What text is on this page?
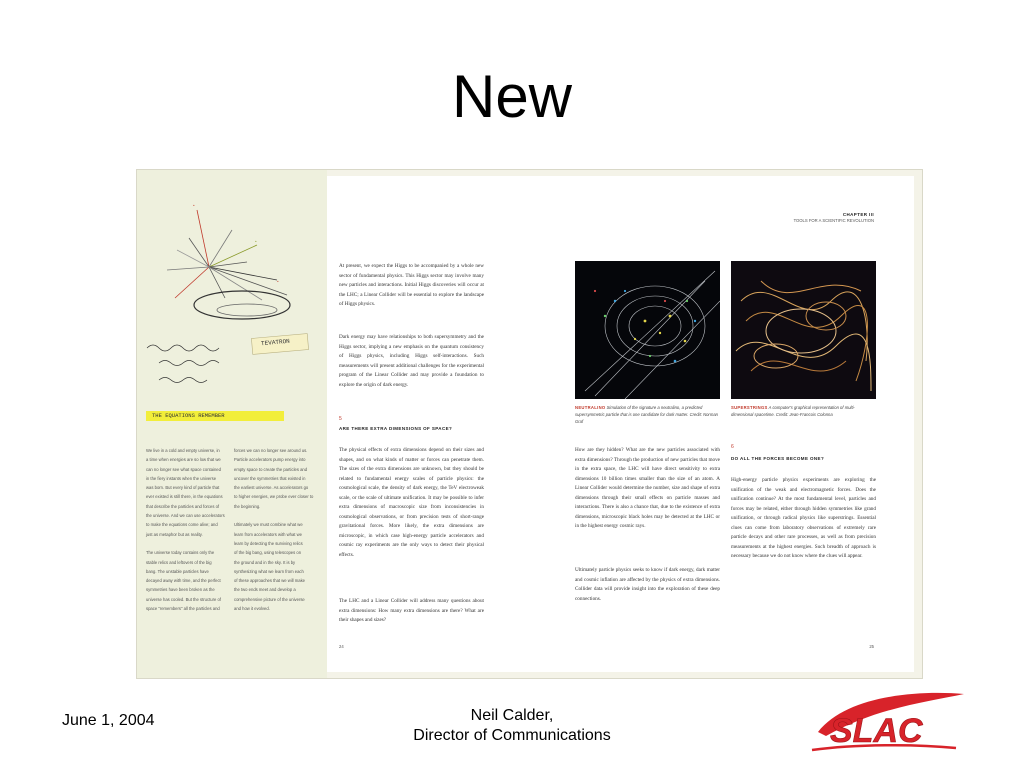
New
●
●
●
TEVATRON
THE EQUATIONS REMEMBER
We live in a cold and empty universe, in
a time when energies are so low that we
can no longer see what space contained
in the fiery instants when the universe
was born. But every kind of particle that
ever existed is still there, in the equations
that describe the particles and forces of
the universe. And we can use accelerators
to make the equations come alive; and
just as metaphor but as reality.

The universe today contains only the
stable relics and leftovers of the big
bang. The unstable particles have
decayed away with time, and the perfect
symmetries have been broken as the
universe has cooled. But the structure of
space "remembers" all the particles and
forces we can no longer see around us.
Particle accelerators pump energy into
empty space to create the particles and
uncover the symmetries that existed in
the earliest universe. As accelerators go
to higher energies, we probe ever closer to
the beginning.

Ultimately we must combine what we
learn from accelerators with what we
learn by detecting the surviving relics
of the big bang, using telescopes on
the ground and in the sky. It is by
synthesizing what we learn from each
of these approaches that we will make
the two ends meet and develop a
comprehensive picture of the universe
and how it evolved.
At present, we expect the Higgs to be accompanied by a whole new sector of fundamental physics. This Higgs sector may involve many new particles and interactions. Initial Higgs discoveries will occur at the LHC; a Linear Collider will be essential to explore the landscape of Higgs physics.
Dark energy may have relationships to both supersymmetry and the Higgs sector, implying a new emphasis on the quantum consistency of Higgs physics, including Higgs self-interactions. Such measurements will present additional challenges for the experimental program of the Linear Collider and may provide a foundation to explore the origin of dark energy.
5
ARE THERE EXTRA DIMENSIONS OF SPACE?
The physical effects of extra dimensions depend on their sizes and shapes, and on what kinds of matter or forces can penetrate them. The sizes of the extra dimensions are unknown, but they should be related to fundamental energy scales of particle physics: the cosmological scale, the density of dark energy, the TeV electroweak scale, or the scale of ultimate unification. It may be possible to infer extra dimensions of macroscopic size from inconsistencies in cosmological observations, or from precision tests of short-range gravitational forces. More likely, the extra dimensions are microscopic, in which case high-energy particle accelerators and cosmic ray experiments are the only ways to detect their physical effects.
The LHC and a Linear Collider will address many questions about extra dimensions: How many extra dimensions are there? What are their shapes and sizes?
24
CHAPTER III
TOOLS FOR A SCIENTIFIC REVOLUTION
NEUTRALINO Simulation of the signature a neutralino, a predicted supersymmetric particle that is one candidate for dark matter. Credit: Norman Graf
SUPERSTRINGS A computer's graphical representation of multi-dimensional spacetime. Credit: Jean-Francois Colonna
How are they hidden? What are the new particles associated with extra dimensions? Through the production of new particles that move in the extra space, the LHC will have direct sensitivity to extra dimensions 10 billion times smaller than the size of an atom. A Linear Collider would determine the number, size and shape of extra dimensions through their small effects on particle masses and interactions. There is also a chance that, due to the existence of extra dimensions, microscopic black holes may be detected at the LHC or in the highest energy cosmic rays.
Ultimately particle physics seeks to know if dark energy, dark matter and cosmic inflation are affected by the physics of extra dimensions. Collider data will provide insight into the exploration of these deep connections.
6
DO ALL THE FORCES BECOME ONE?
High-energy particle physics experiments are exploring the unification of the weak and electromagnetic forces. Does the unification continue? At the most fundamental level, particles and forces may be related, either through hidden symmetries like grand unification, or through radical physics like superstrings. Essential clues can come from laboratory observations of extremely rare particle decays and other rare processes, as well as from precision measurements at the highest energies. Such breadth of approach is necessary because we do not know where the clues will appear.
25
June 1, 2004	Neil Calder,
Director of Communications	SLAC
